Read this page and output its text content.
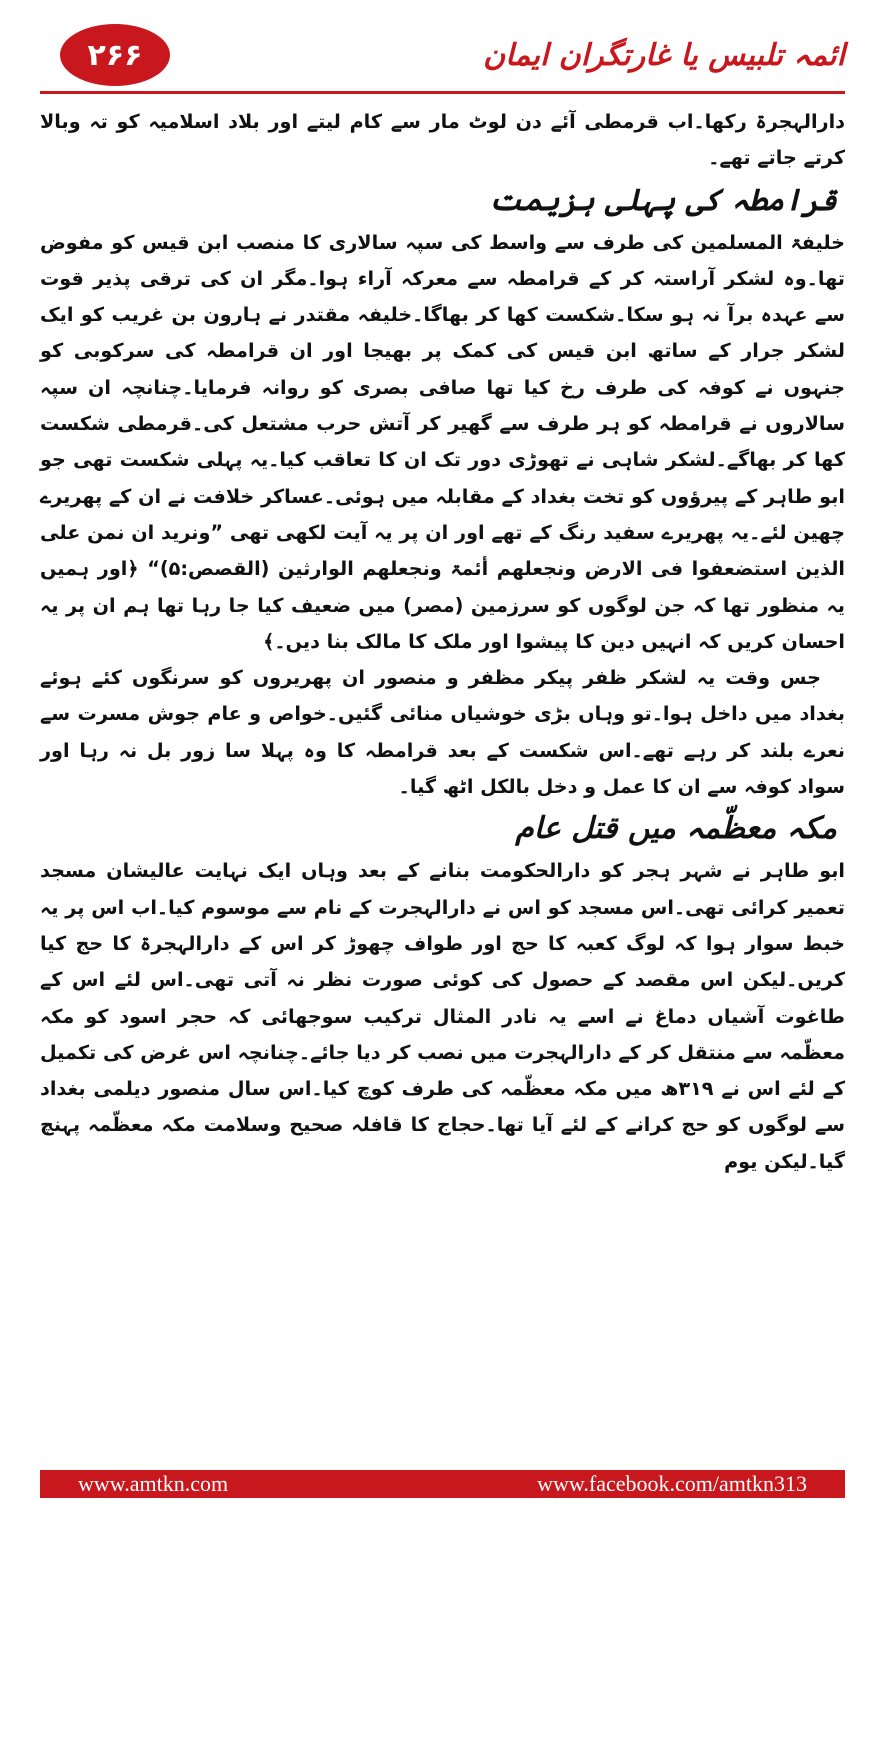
۲۶۶	ائمہ تلبیس یا غارتگران ایمان

دارالہجرۃ رکھا۔اب قرمطی آئے دن لوٹ مار سے کام لیتے اور بلاد اسلامیہ کو تہ وبالا کرتے جاتے تھے۔

قرامطہ کی پہلی ہزیمت

خلیفۃ المسلمین کی طرف سے واسط کی سپہ سالاری کا منصب ابن قیس کو مفوض تھا۔وہ لشکر آراستہ کر کے قرامطہ سے معرکہ آراء ہوا۔مگر ان کی ترقی پذیر قوت سے عہدہ برآ نہ ہو سکا۔شکست کھا کر بھاگا۔خلیفہ مقتدر نے ہارون بن غریب کو ایک لشکر جرار کے ساتھ ابن قیس کی کمک پر بھیجا اور ان قرامطہ کی سرکوبی کو جنہوں نے کوفہ کی طرف رخ کیا تھا صافی بصری کو روانہ فرمایا۔چنانچہ ان سپہ سالاروں نے قرامطہ کو ہر طرف سے گھیر کر آتش حرب مشتعل کی۔قرمطی شکست کھا کر بھاگے۔لشکر شاہی نے تھوڑی دور تک ان کا تعاقب کیا۔یہ پہلی شکست تھی جو ابو طاہر کے پیرؤوں کو تخت بغداد کے مقابلہ میں ہوئی۔عساکر خلافت نے ان کے پھریرے چھین لئے۔یہ پھریرے سفید رنگ کے تھے اور ان پر یہ آیت لکھی تھی ”ونرید ان نمن علی الذین استضعفوا فی الارض ونجعلھم أئمۃ ونجعلھم الوارثین (القصص:۵)“ ﴿اور ہمیں یہ منظور تھا کہ جن لوگوں کو سرزمین (مصر) میں ضعیف کیا جا رہا تھا ہم ان پر یہ احسان کریں کہ انہیں دین کا پیشوا اور ملک کا مالک بنا دیں۔﴾

جس وقت یہ لشکر ظفر پیکر مظفر و منصور ان پھریروں کو سرنگوں کئے ہوئے بغداد میں داخل ہوا۔تو وہاں بڑی خوشیاں منائی گئیں۔خواص و عام جوش مسرت سے نعرے بلند کر رہے تھے۔اس شکست کے بعد قرامطہ کا وہ پہلا سا زور بل نہ رہا اور سواد کوفہ سے ان کا عمل و دخل بالکل اٹھ گیا۔

مکہ معظّمہ میں قتل عام

ابو طاہر نے شہر ہجر کو دارالحکومت بنانے کے بعد وہاں ایک نہایت عالیشان مسجد تعمیر کرائی تھی۔اس مسجد کو اس نے دارالہجرت کے نام سے موسوم کیا۔اب اس پر یہ خبط سوار ہوا کہ لوگ کعبہ کا حج اور طواف چھوڑ کر اس کے دارالہجرۃ کا حج کیا کریں۔لیکن اس مقصد کے حصول کی کوئی صورت نظر نہ آتی تھی۔اس لئے اس کے طاغوت آشیاں دماغ نے اسے یہ نادر المثال ترکیب سوجھائی کہ حجر اسود کو مکہ معظّمہ سے منتقل کر کے دارالہجرت میں نصب کر دیا جائے۔چنانچہ اس غرض کی تکمیل کے لئے اس نے ۳۱۹ھ میں مکہ معظّمہ کی طرف کوچ کیا۔اس سال منصور دیلمی بغداد سے لوگوں کو حج کرانے کے لئے آیا تھا۔حجاج کا قافلہ صحیح وسلامت مکہ معظّمہ پہنچ گیا۔لیکن یوم

www.amtkn.com	www.facebook.com/amtkn313
